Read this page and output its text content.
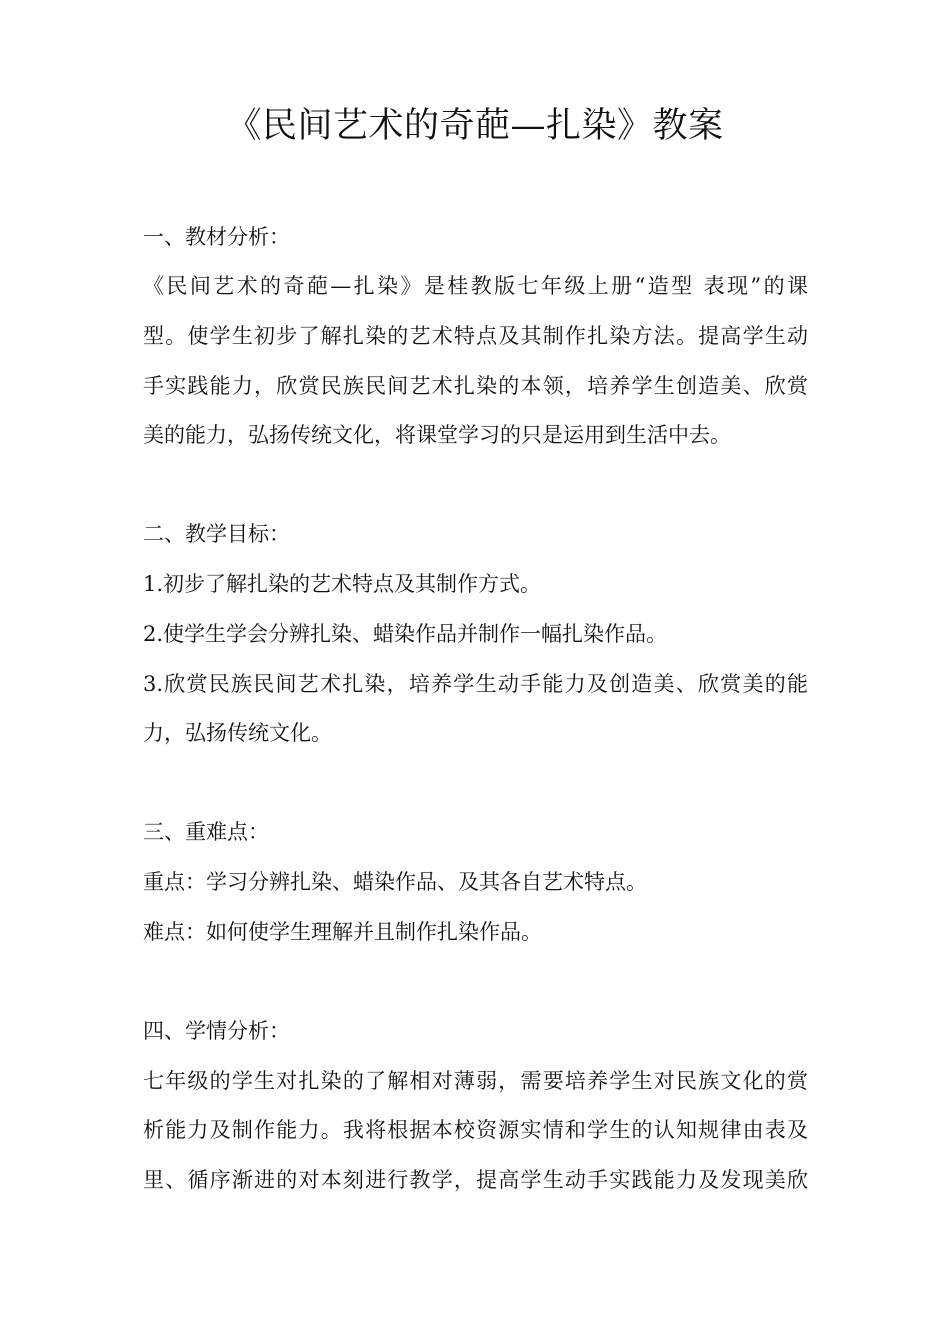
《民间艺术的奇葩—扎染》教案
一、教材分析：
《民间艺术的奇葩—扎染》是桂教版七年级上册“造型 表现”的课
型。使学生初步了解扎染的艺术特点及其制作扎染方法。提高学生动
手实践能力，欣赏民族民间艺术扎染的本领，培养学生创造美、欣赏
美的能力，弘扬传统文化，将课堂学习的只是运用到生活中去。
二、教学目标：
1.初步了解扎染的艺术特点及其制作方式。
2.使学生学会分辨扎染、蜡染作品并制作一幅扎染作品。
3.欣赏民族民间艺术扎染，培养学生动手能力及创造美、欣赏美的能
力，弘扬传统文化。
三、重难点：
重点：学习分辨扎染、蜡染作品、及其各自艺术特点。
难点：如何使学生理解并且制作扎染作品。
四、学情分析：
七年级的学生对扎染的了解相对薄弱，需要培养学生对民族文化的赏
析能力及制作能力。我将根据本校资源实情和学生的认知规律由表及
里、循序渐进的对本刻进行教学，提高学生动手实践能力及发现美欣
